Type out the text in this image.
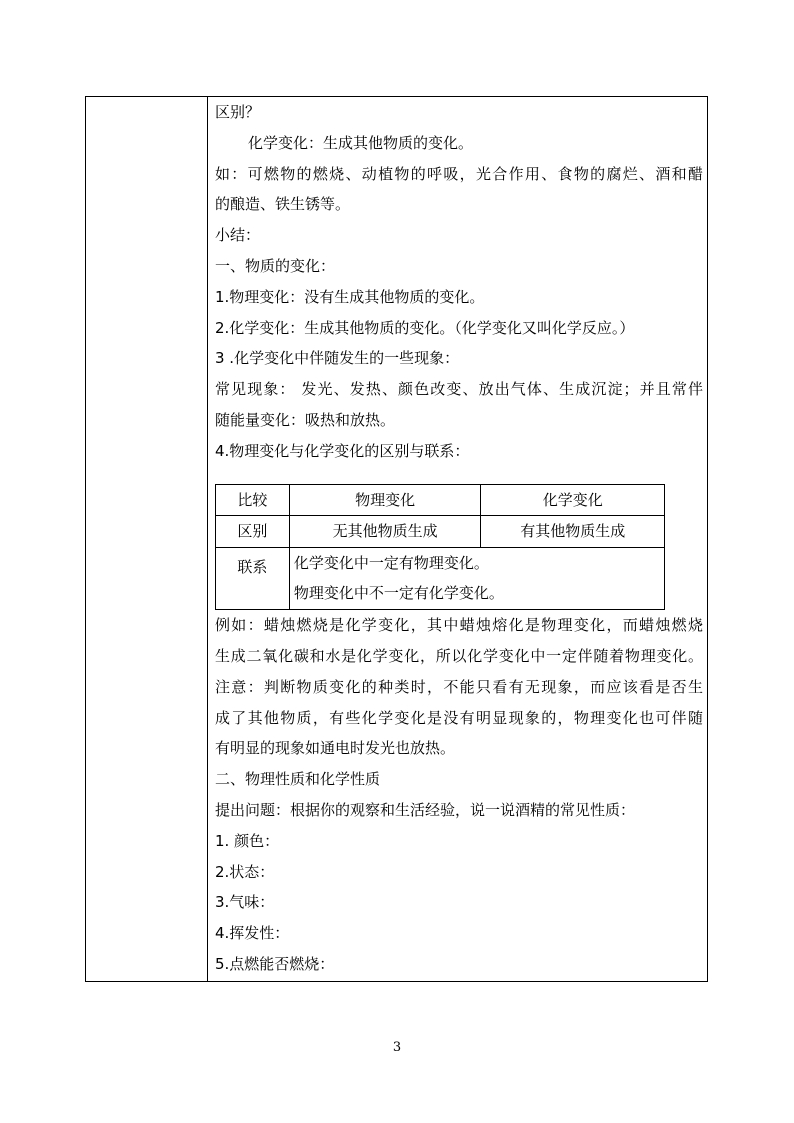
区别？
化学变化：生成其他物质的变化。
如：可燃物的燃烧、动植物的呼吸，光合作用、食物的腐烂、酒和醋
的酿造、铁生锈等。
小结：
一、物质的变化：
1.物理变化：没有生成其他物质的变化。
2.化学变化：生成其他物质的变化。（化学变化又叫化学反应。）
3 .化学变化中伴随发生的一些现象：
常见现象： 发光、发热、颜色改变、放出气体、生成沉淀；并且常伴
随能量变化：吸热和放热。
4.物理变化与化学变化的区别与联系：
比较	物理变化	化学变化
区别	无其他物质生成	有其他物质生成
联系	化学变化中一定有物理变化。
物理变化中不一定有化学变化。	
例如：蜡烛燃烧是化学变化，其中蜡烛熔化是物理变化，而蜡烛燃烧
生成二氧化碳和水是化学变化，所以化学变化中一定伴随着物理变化。
注意：判断物质变化的种类时，不能只看有无现象，而应该看是否生
成了其他物质，有些化学变化是没有明显现象的，物理变化也可伴随
有明显的现象如通电时发光也放热。
二、物理性质和化学性质
提出问题：根据你的观察和生活经验，说一说酒精的常见性质：
1. 颜色：
2.状态：
3.气味：
4.挥发性：
5.点燃能否燃烧：
3
